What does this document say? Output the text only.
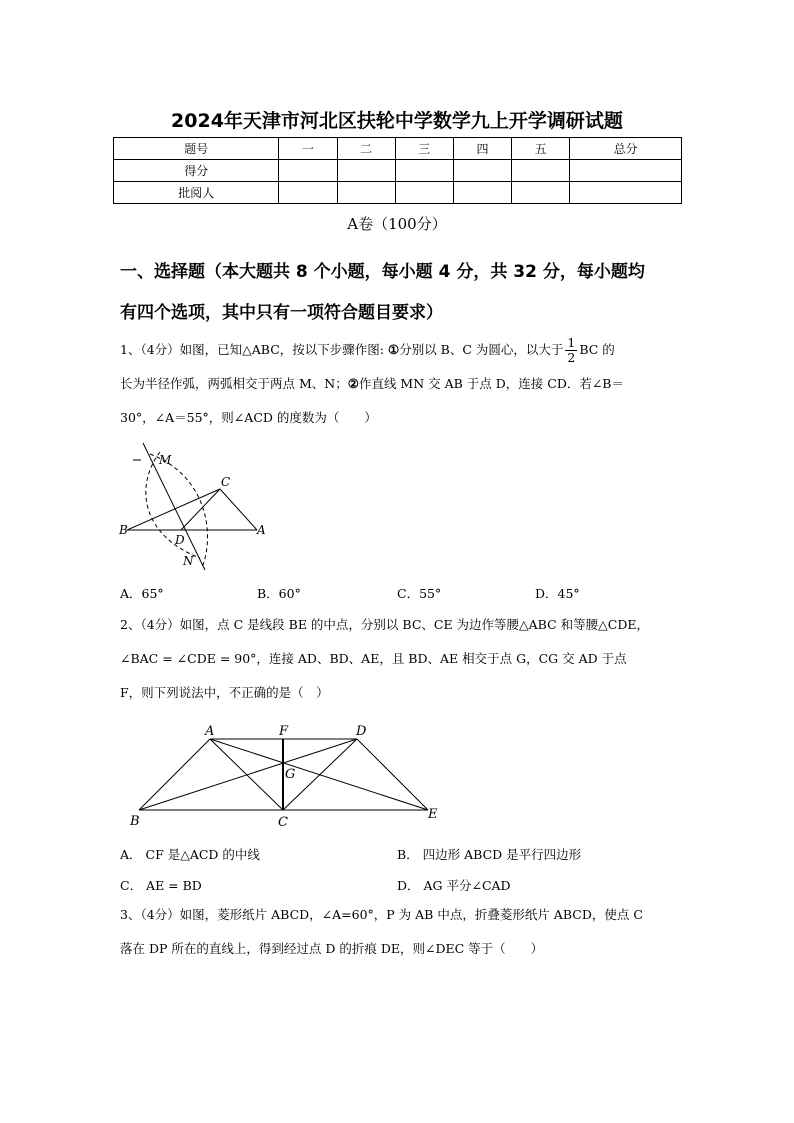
2024年天津市河北区扶轮中学数学九上开学调研试题
题号	一	二	三	四	五	总分
得分						
批阅人						
A卷（100分）
一、选择题（本大题共 8 个小题，每小题 4 分，共 32 分，每小题均
有四个选项，其中只有一项符合题目要求）
1、（4分）如图，已知△ABC，按以下步骤作图: ①分别以 B、C 为圆心，以大于 $\frac{1}{2}$ BC 的
长为半径作弧，两弧相交于两点 M、N；②作直线 MN 交 AB 于点 D，连接 CD．若∠B＝
30°，∠A＝55°，则∠ACD 的度数为（　　）
M
C
B
D
A
N
A．65°	B．60°	C．55°	D．45°
2、（4分）如图，点 C 是线段 BE 的中点，分别以 BC、CE 为边作等腰△ABC 和等腰△CDE，
∠BAC = ∠CDE = 90°，连接 AD、BD、AE，且 BD、AE 相交于点 G，CG 交 AD 于点
F，则下列说法中，不正确的是（　）
A	F	D
G
B	C
E
A． CF 是△ACD 的中线	B． 四边形 ABCD 是平行四边形
C． AE = BD	D． AG 平分∠CAD
3、（4分）如图，菱形纸片 ABCD，∠A=60°，P 为 AB 中点，折叠菱形纸片 ABCD，使点 C
落在 DP 所在的直线上，得到经过点 D 的折痕 DE，则∠DEC 等于（　　）
